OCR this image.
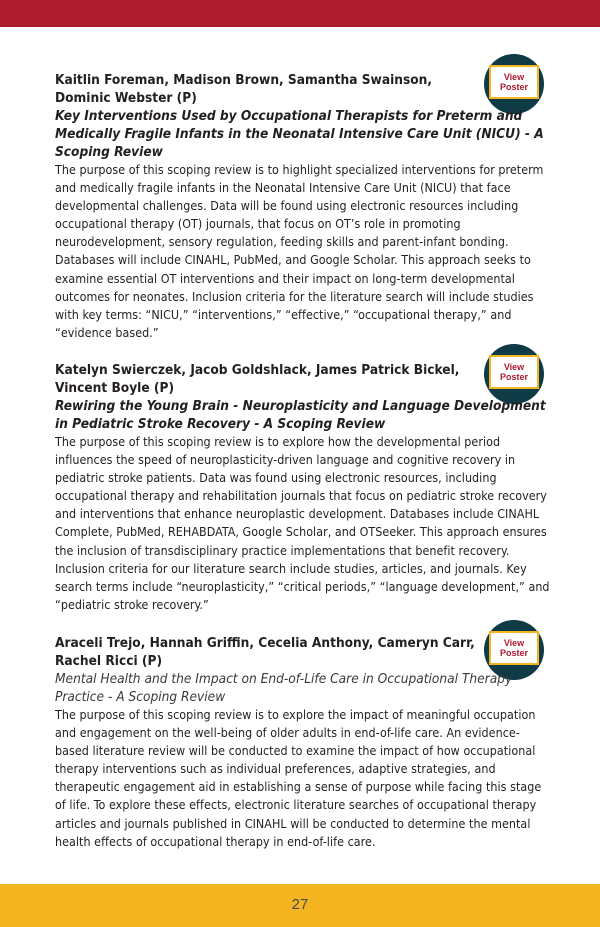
View
Poster
Kaitlin Foreman, Madison Brown, Samantha Swainson, Dominic Webster (P)
Key Interventions Used by Occupational Therapists for Preterm and Medically Fragile Infants in the Neonatal Intensive Care Unit (NICU) - A Scoping Review

The purpose of this scoping review is to highlight specialized interventions for preterm and medically fragile infants in the Neonatal Intensive Care Unit (NICU) that face developmental challenges. Data will be found using electronic resources including occupational therapy (OT) journals, that focus on OT’s role in promoting neurodevelopment, sensory regulation, feeding skills and parent-infant bonding. Databases will include CINAHL, PubMed, and Google Scholar. This approach seeks to examine essential OT interventions and their impact on long-term developmental outcomes for neonates. Inclusion criteria for the literature search will include studies with key terms: “NICU,” “interventions,” “effective,” “occupational therapy,” and “evidence based.”

View
Poster
Katelyn Swierczek, Jacob Goldshlack, James Patrick Bickel, Vincent Boyle (P)
Rewiring the Young Brain - Neuroplasticity and Language Development in Pediatric Stroke Recovery - A Scoping Review

The purpose of this scoping review is to explore how the developmental period influences the speed of neuroplasticity-driven language and cognitive recovery in pediatric stroke patients. Data was found using electronic resources, including occupational therapy and rehabilitation journals that focus on pediatric stroke recovery and interventions that enhance neuroplastic development. Databases include CINAHL Complete, PubMed, REHABDATA, Google Scholar, and OTSeeker. This approach ensures the inclusion of transdisciplinary practice implementations that benefit recovery. Inclusion criteria for our literature search include studies, articles, and journals. Key search terms include “neuroplasticity,” “critical periods,” “language development,” and “pediatric stroke recovery.”

View
Poster
Araceli Trejo, Hannah Griffin, Cecelia Anthony, Cameryn Carr, Rachel Ricci (P)
Mental Health and the Impact on End-of-Life Care in Occupational Therapy Practice - A Scoping Review

The purpose of this scoping review is to explore the impact of meaningful occupation and engagement on the well-being of older adults in end-of-life care. An evidence-based literature review will be conducted to examine the impact of how occupational therapy interventions such as individual preferences, adaptive strategies, and therapeutic engagement aid in establishing a sense of purpose while facing this stage of life. To explore these effects, electronic literature searches of occupational therapy articles and journals published in CINAHL will be conducted to determine the mental health effects of occupational therapy in end-of-life care.

27
